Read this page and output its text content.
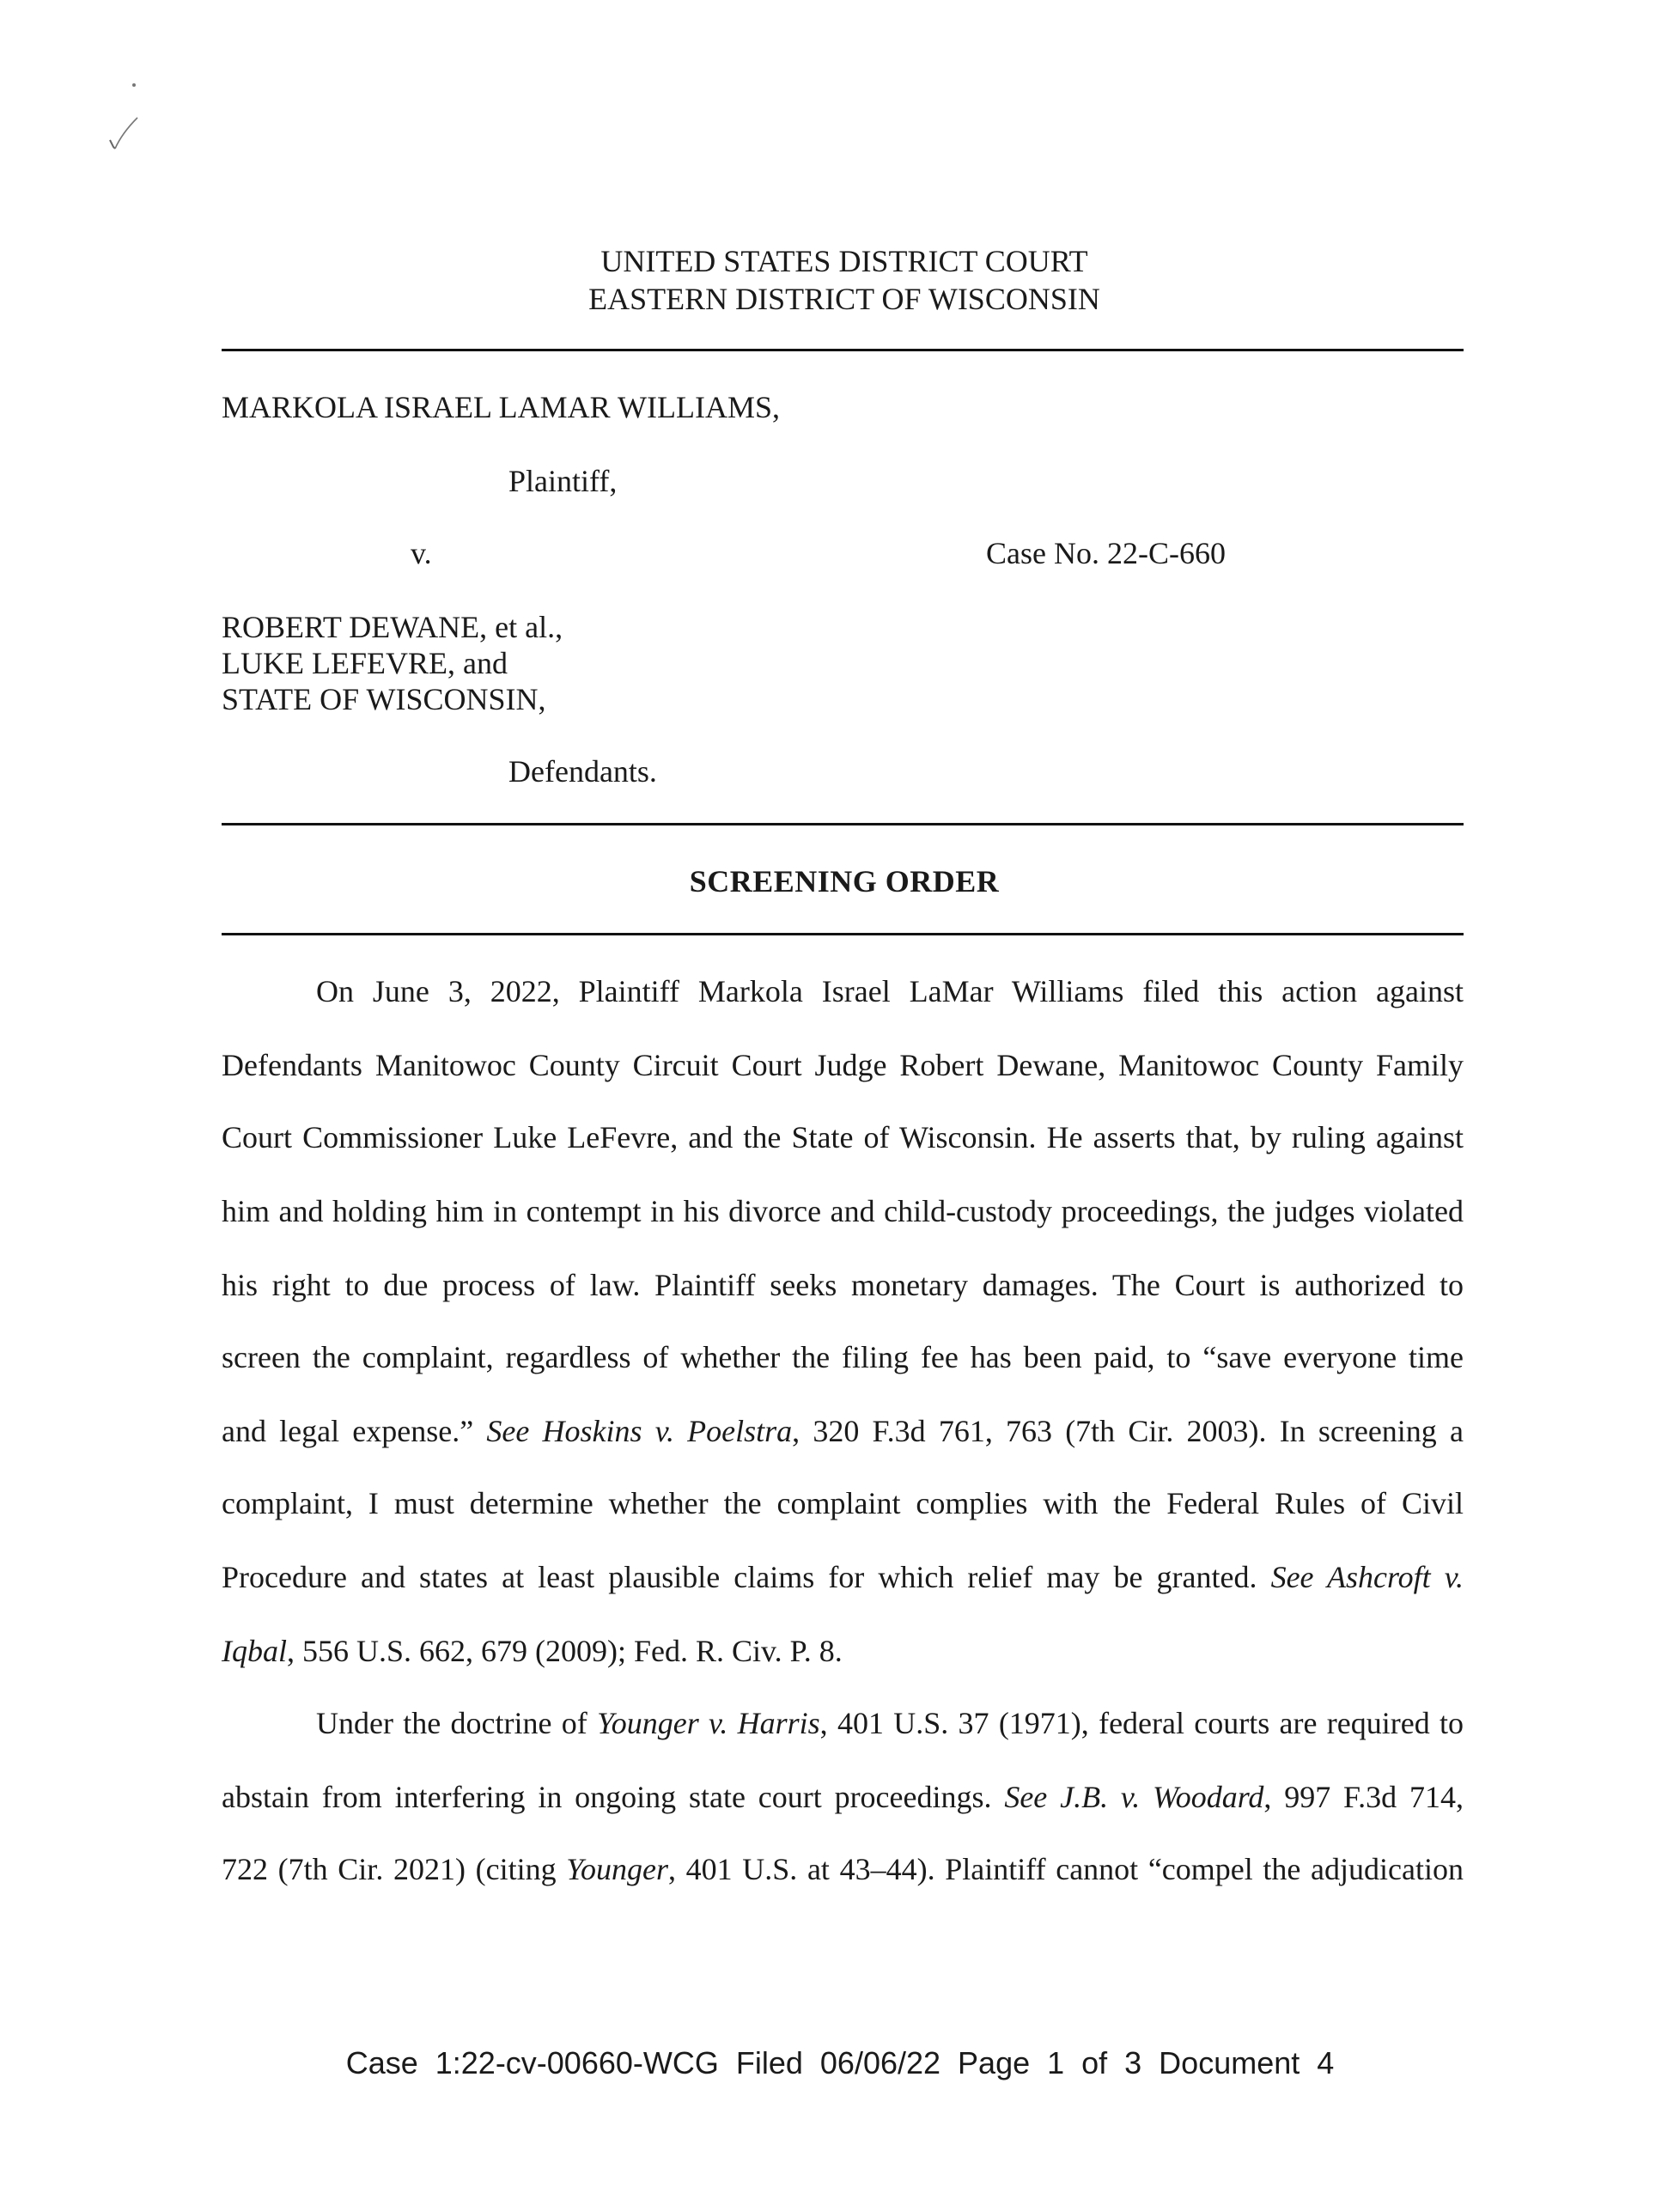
UNITED STATES DISTRICT COURT
EASTERN DISTRICT OF WISCONSIN
MARKOLA ISRAEL LAMAR WILLIAMS,
Plaintiff,
v.	Case No. 22-C-660
ROBERT DEWANE, et al.,
LUKE LEFEVRE, and
STATE OF WISCONSIN,
Defendants.
SCREENING ORDER
On June 3, 2022, Plaintiff Markola Israel LaMar Williams filed this action against
Defendants Manitowoc County Circuit Court Judge Robert Dewane, Manitowoc County Family
Court Commissioner Luke LeFevre, and the State of Wisconsin. He asserts that, by ruling against
him and holding him in contempt in his divorce and child-custody proceedings, the judges violated
his right to due process of law. Plaintiff seeks monetary damages. The Court is authorized to
screen the complaint, regardless of whether the filing fee has been paid, to “save everyone time
and legal expense.” See Hoskins v. Poelstra, 320 F.3d 761, 763 (7th Cir. 2003). In screening a
complaint, I must determine whether the complaint complies with the Federal Rules of Civil
Procedure and states at least plausible claims for which relief may be granted. See Ashcroft v.
Iqbal, 556 U.S. 662, 679 (2009); Fed. R. Civ. P. 8.
Under the doctrine of Younger v. Harris, 401 U.S. 37 (1971), federal courts are required to
abstain from interfering in ongoing state court proceedings. See J.B. v. Woodard, 997 F.3d 714,
722 (7th Cir. 2021) (citing Younger, 401 U.S. at 43–44). Plaintiff cannot “compel the adjudication
Case 1:22-cv-00660-WCG Filed 06/06/22 Page 1 of 3 Document 4
